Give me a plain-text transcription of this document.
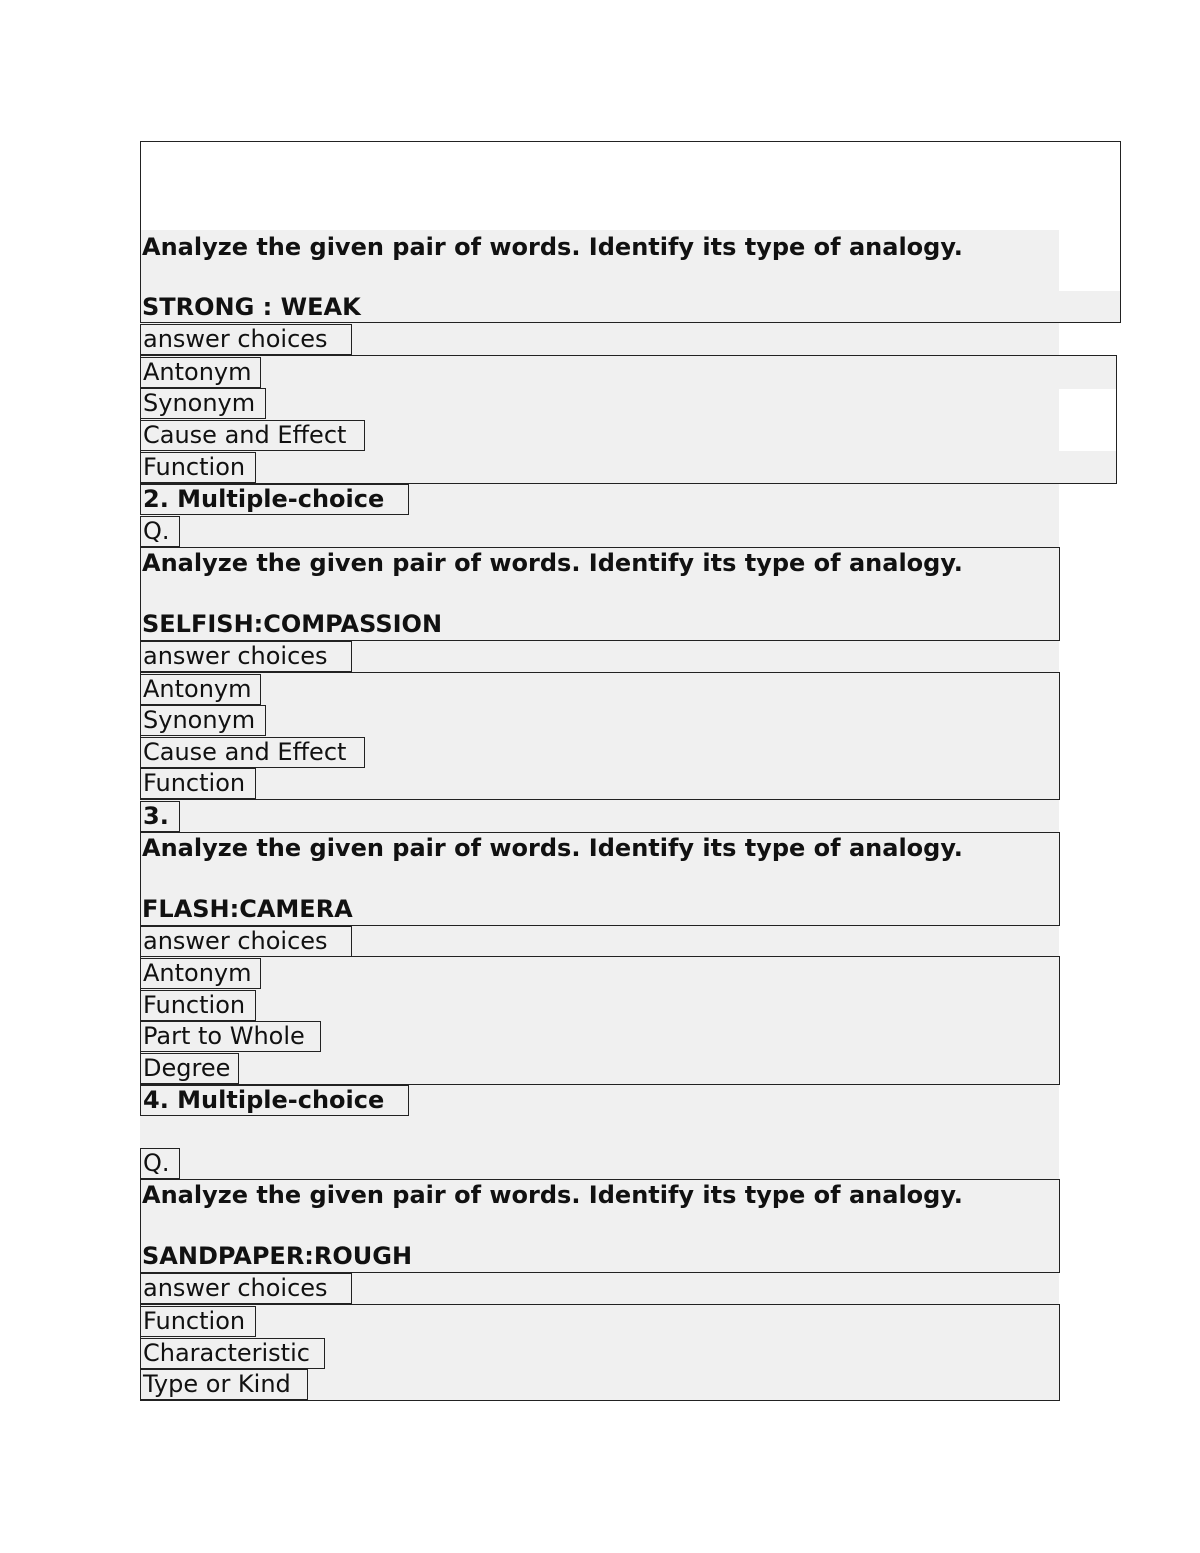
Analyze the given pair of words. Identify its type of analogy.
STRONG : WEAK
answer choices
Antonym
Synonym
Cause and Effect
Function
2. Multiple-choice
Q.
Analyze the given pair of words. Identify its type of analogy.
SELFISH:COMPASSION
answer choices
Antonym
Synonym
Cause and Effect
Function
3.
Analyze the given pair of words. Identify its type of analogy.
FLASH:CAMERA
answer choices
Antonym
Function
Part to Whole
Degree
4. Multiple-choice
Q.
Analyze the given pair of words. Identify its type of analogy.
SANDPAPER:ROUGH
answer choices
Function
Characteristic
Type or Kind
